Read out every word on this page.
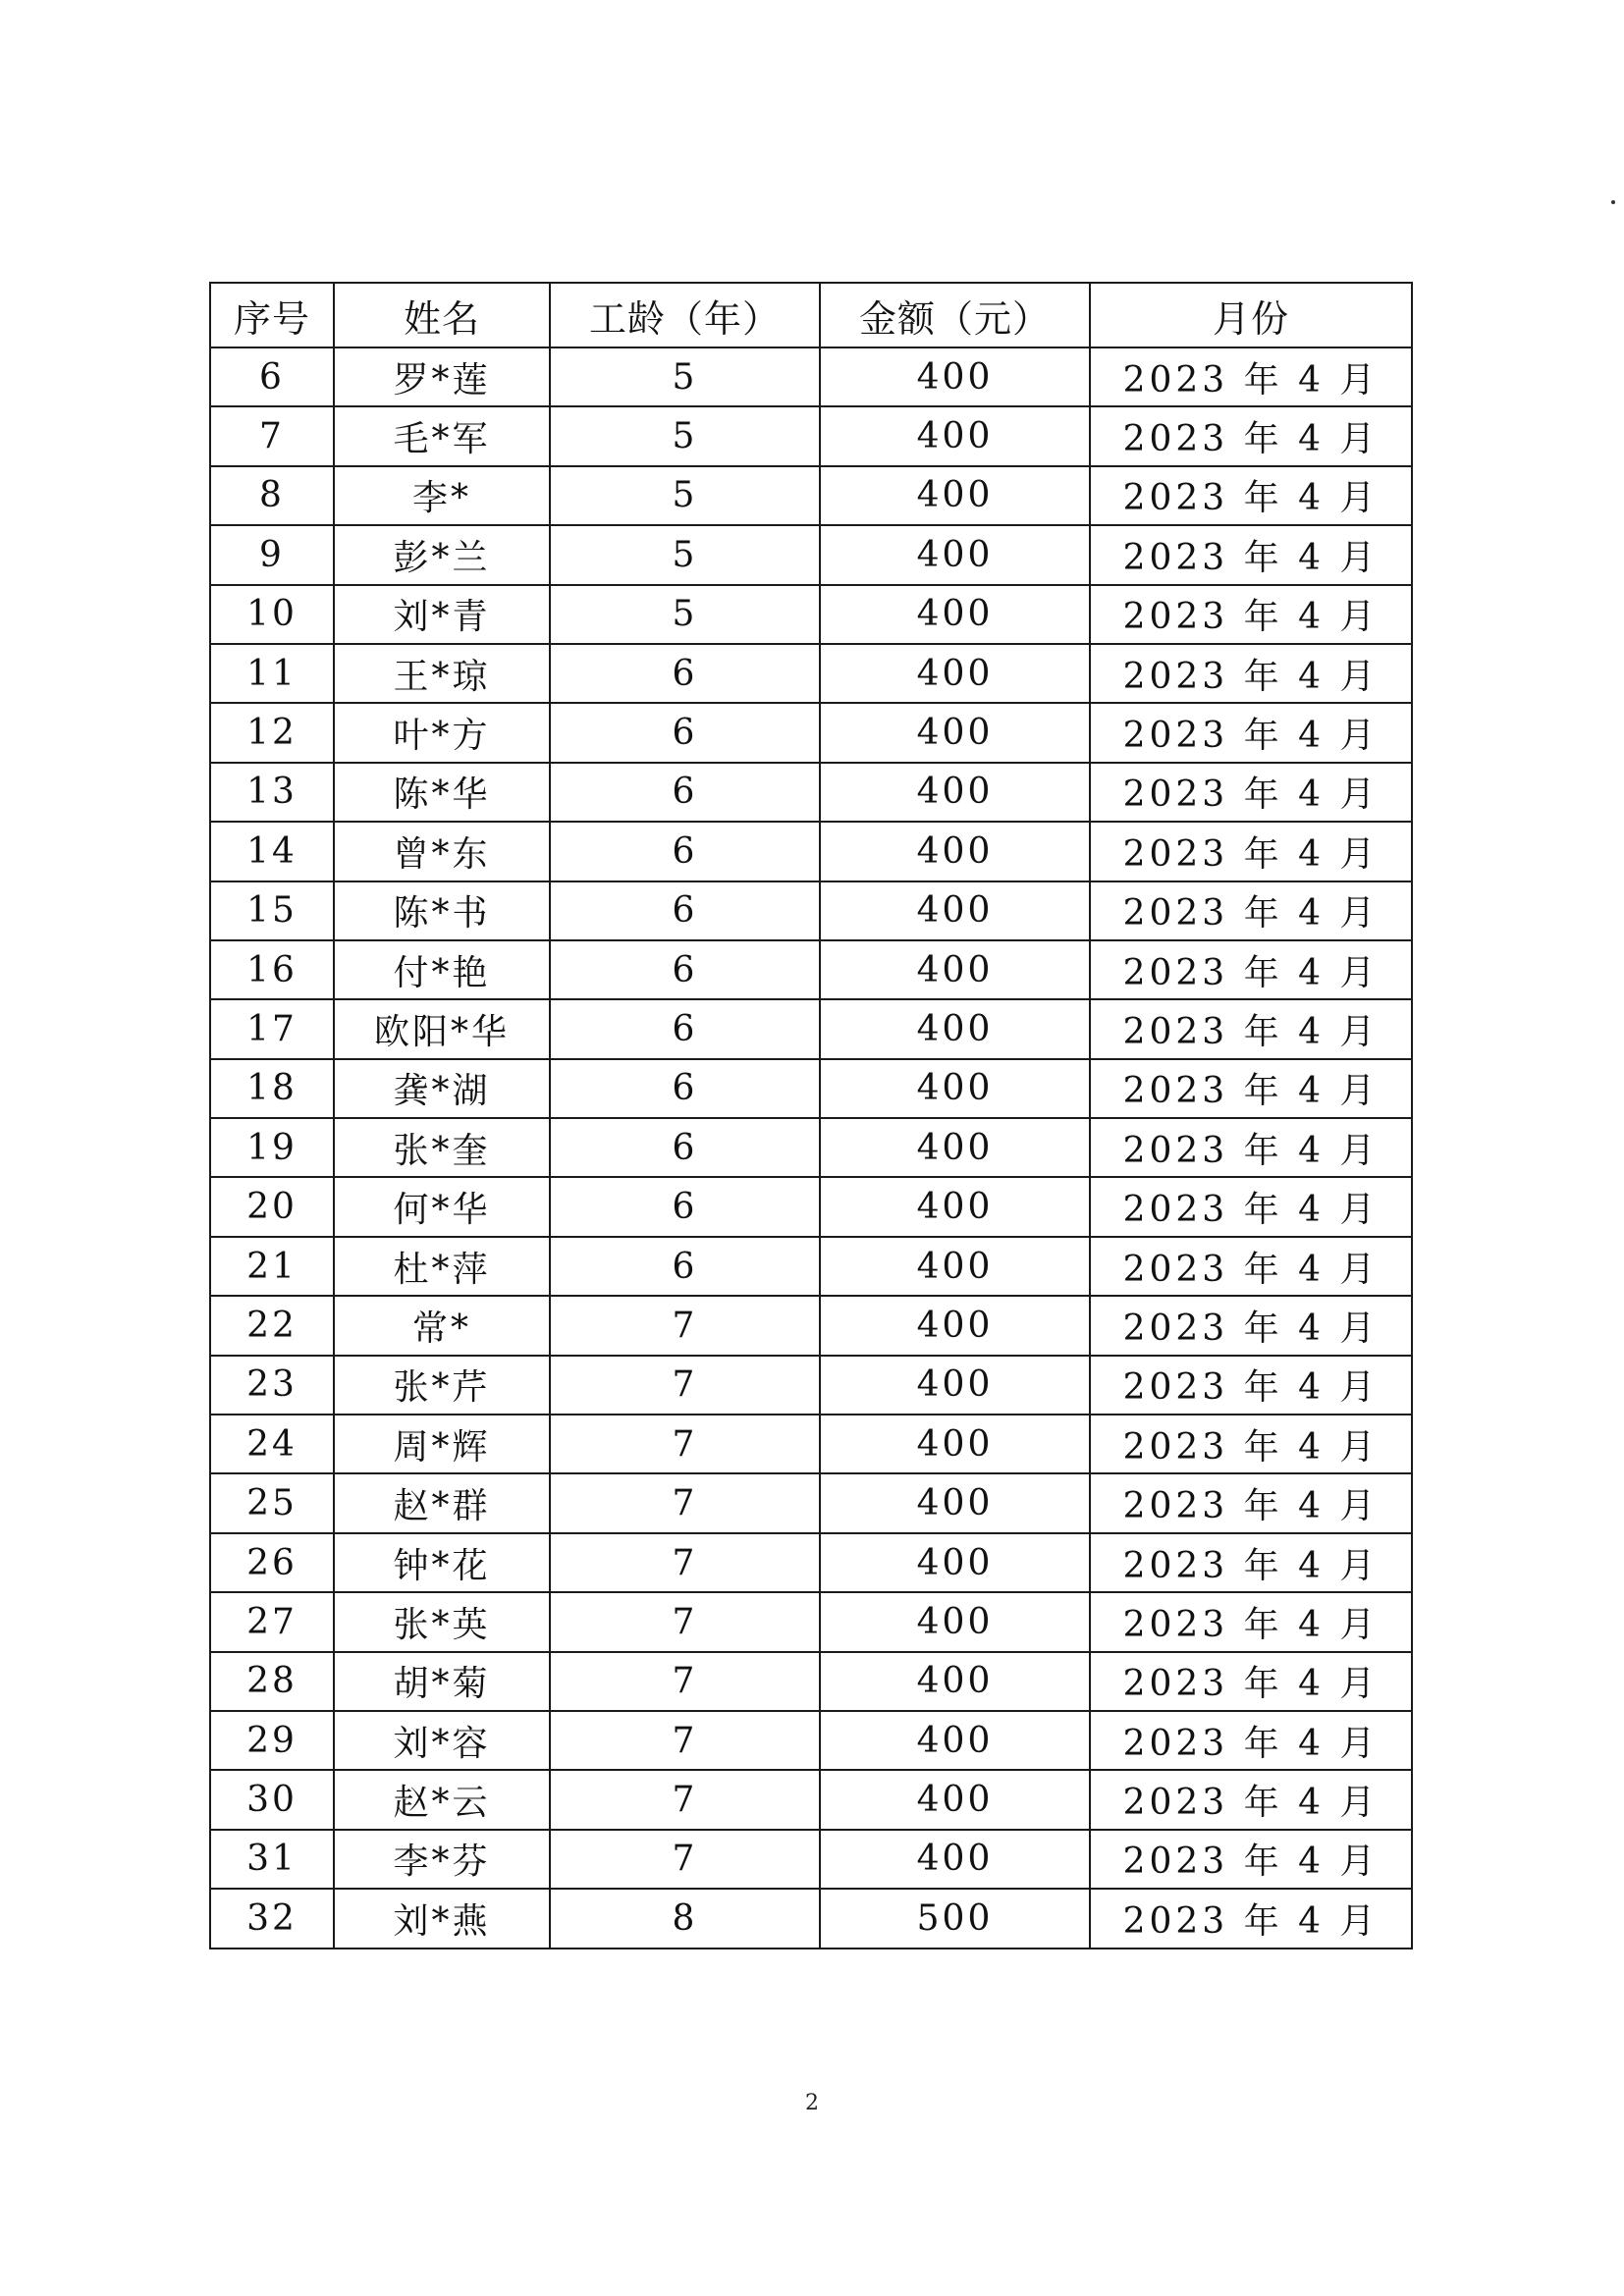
序号	姓名	工龄（年）	金额（元）	月份
6	罗*莲	5	400	2023 年 4 月
7	毛*军	5	400	2023 年 4 月
8	李*	5	400	2023 年 4 月
9	彭*兰	5	400	2023 年 4 月
10	刘*青	5	400	2023 年 4 月
11	王*琼	6	400	2023 年 4 月
12	叶*方	6	400	2023 年 4 月
13	陈*华	6	400	2023 年 4 月
14	曾*东	6	400	2023 年 4 月
15	陈*书	6	400	2023 年 4 月
16	付*艳	6	400	2023 年 4 月
17	欧阳*华	6	400	2023 年 4 月
18	龚*湖	6	400	2023 年 4 月
19	张*奎	6	400	2023 年 4 月
20	何*华	6	400	2023 年 4 月
21	杜*萍	6	400	2023 年 4 月
22	常*	7	400	2023 年 4 月
23	张*芹	7	400	2023 年 4 月
24	周*辉	7	400	2023 年 4 月
25	赵*群	7	400	2023 年 4 月
26	钟*花	7	400	2023 年 4 月
27	张*英	7	400	2023 年 4 月
28	胡*菊	7	400	2023 年 4 月
29	刘*容	7	400	2023 年 4 月
30	赵*云	7	400	2023 年 4 月
31	李*芬	7	400	2023 年 4 月
32	刘*燕	8	500	2023 年 4 月
2
